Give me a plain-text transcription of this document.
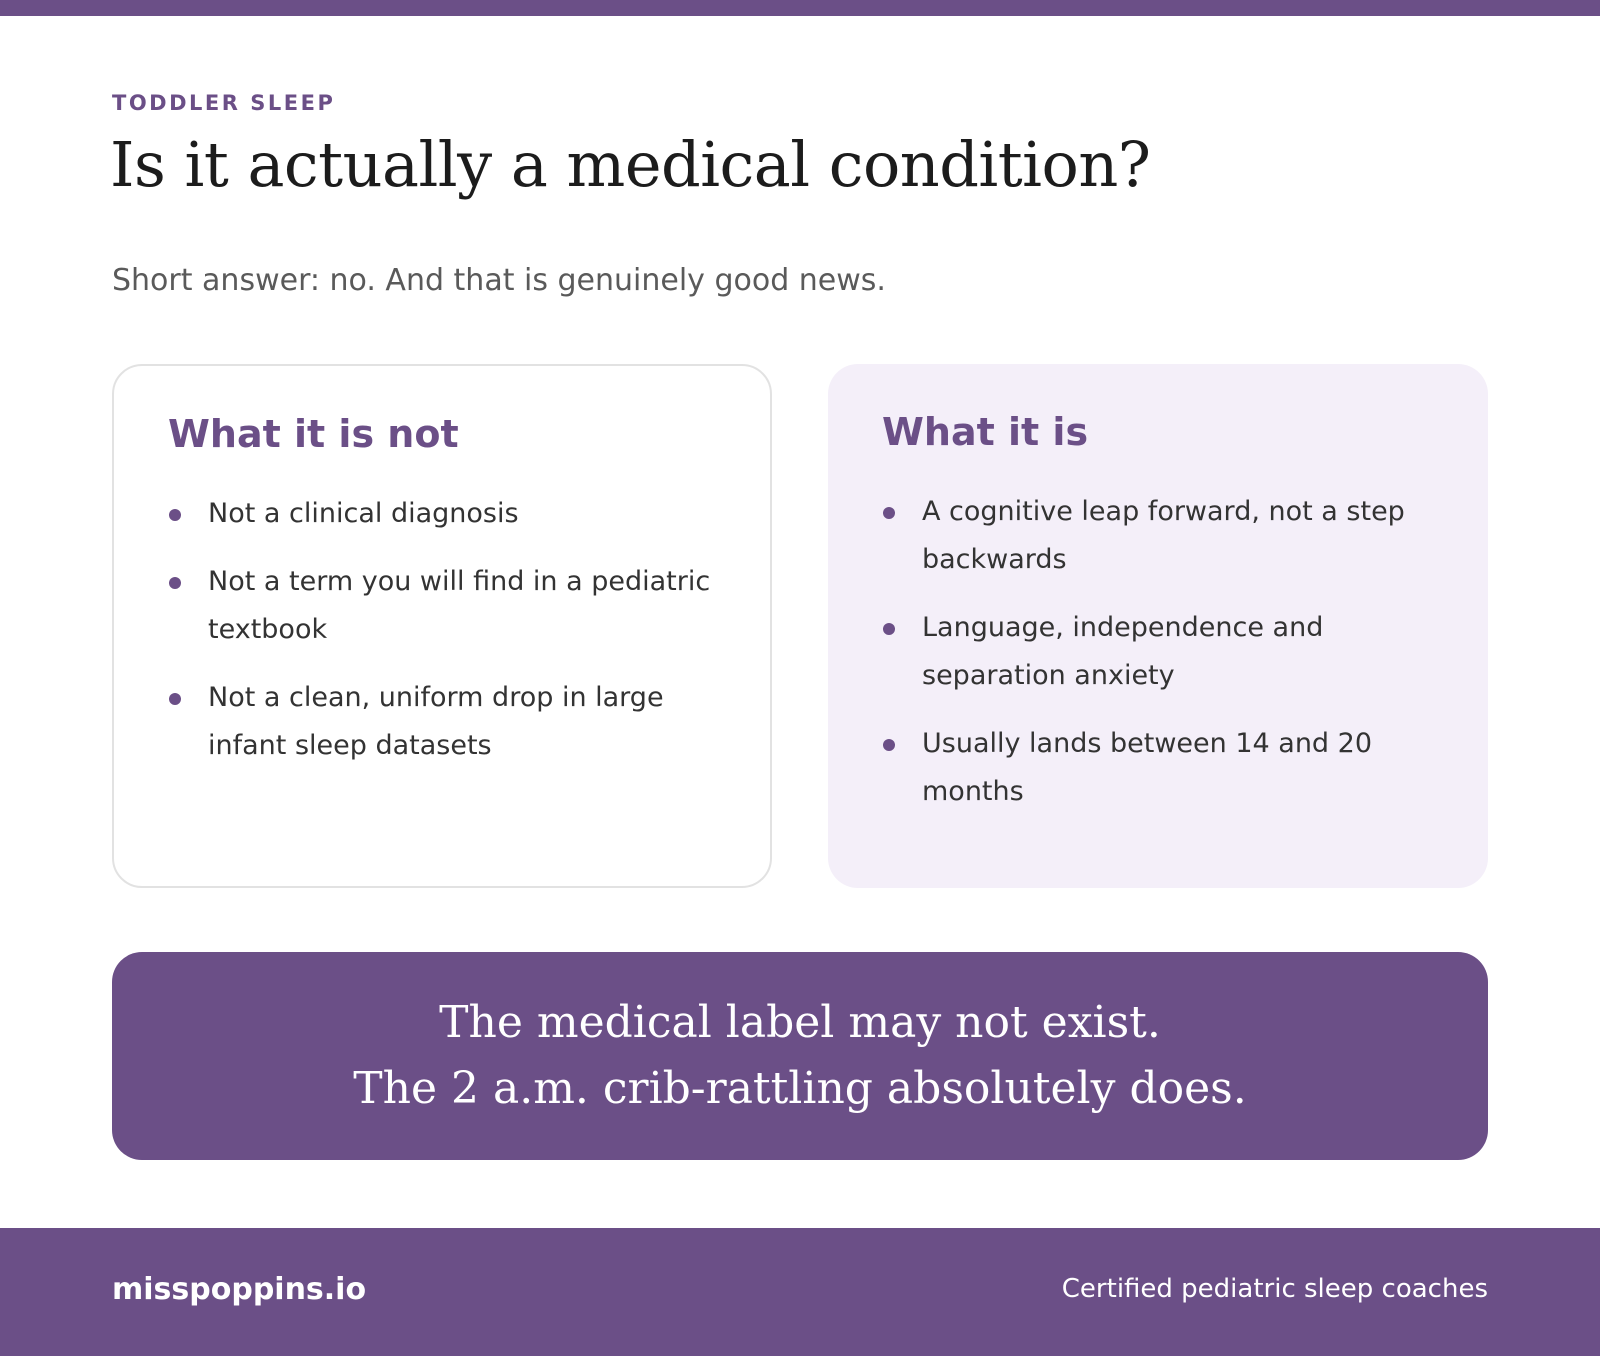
TODDLER SLEEP
Is it actually a medical condition?

Short answer: no. And that is genuinely good news.

What it is not
Not a clinical diagnosis
Not a term you will find in a pediatric textbook
Not a clean, uniform drop in large infant sleep datasets
What it is
A cognitive leap forward, not a step backwards
Language, independence and separation anxiety
Usually lands between 14 and 20 months
The medical label may not exist.
The 2 a.m. crib-rattling absolutely does.
misspoppins.io	Certified pediatric sleep coaches
